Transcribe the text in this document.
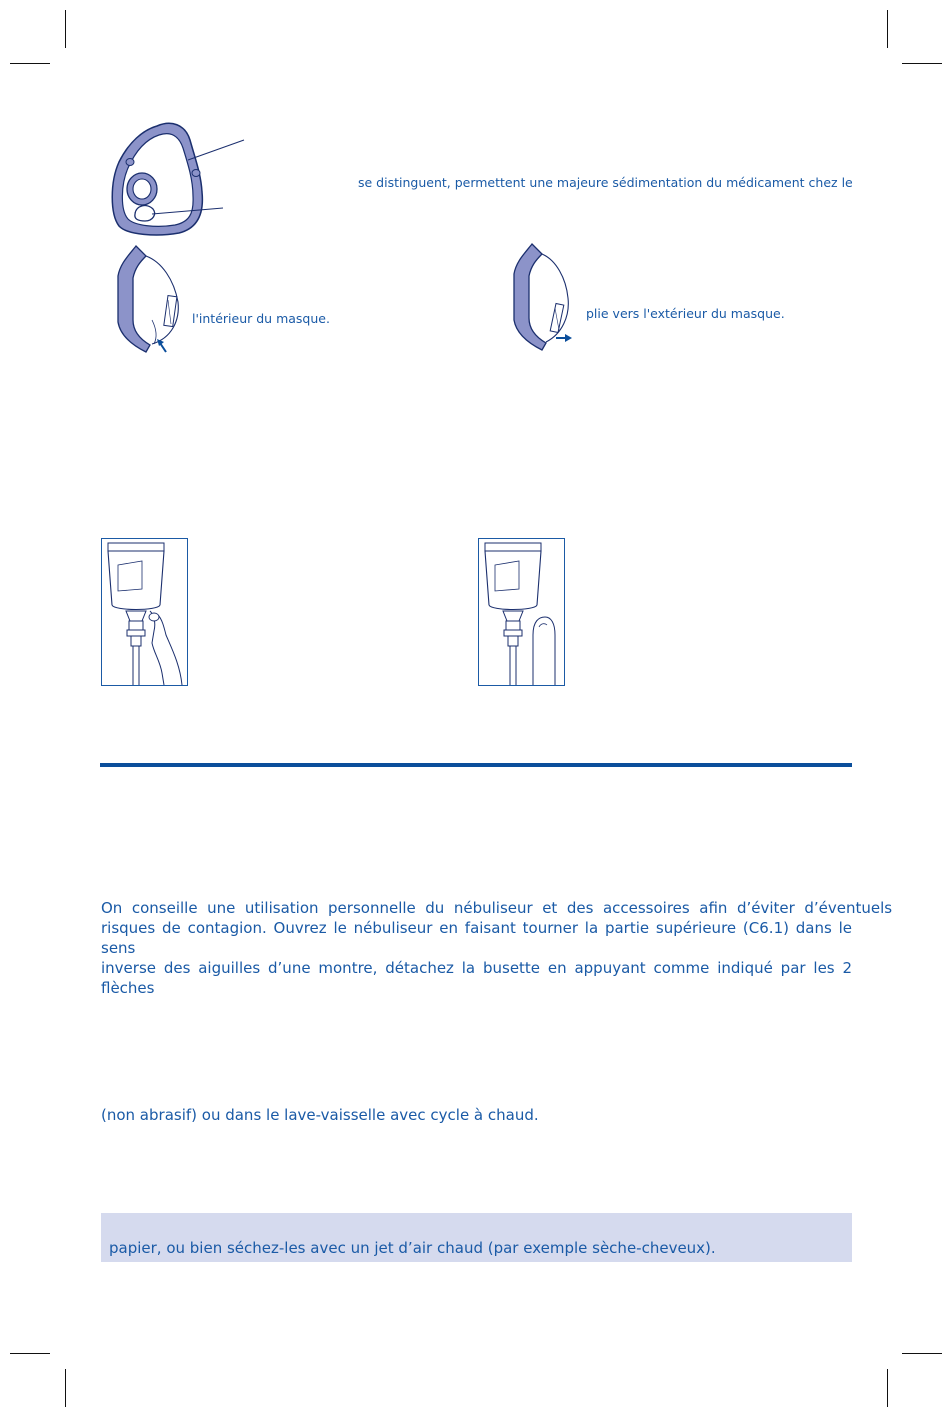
se distinguent, permettent une majeure sédimentation du médicament chez le
l'intérieur du masque.	plie vers l'extérieur du masque.
On  conseille  une  utilisation  personnelle  du  nébuliseur  et  des  accessoires  afin  d’éviter  d’éventuels
risques de contagion. Ouvrez le nébuliseur en faisant tourner la partie supérieure (C6.1) dans le sens
inverse des aiguilles d’une montre, détachez la busette en appuyant comme indiqué par les 2 flèches
(non abrasif) ou dans le lave-vaisselle avec cycle à chaud.
papier, ou bien séchez-les avec un jet d’air chaud (par exemple sèche-cheveux).
